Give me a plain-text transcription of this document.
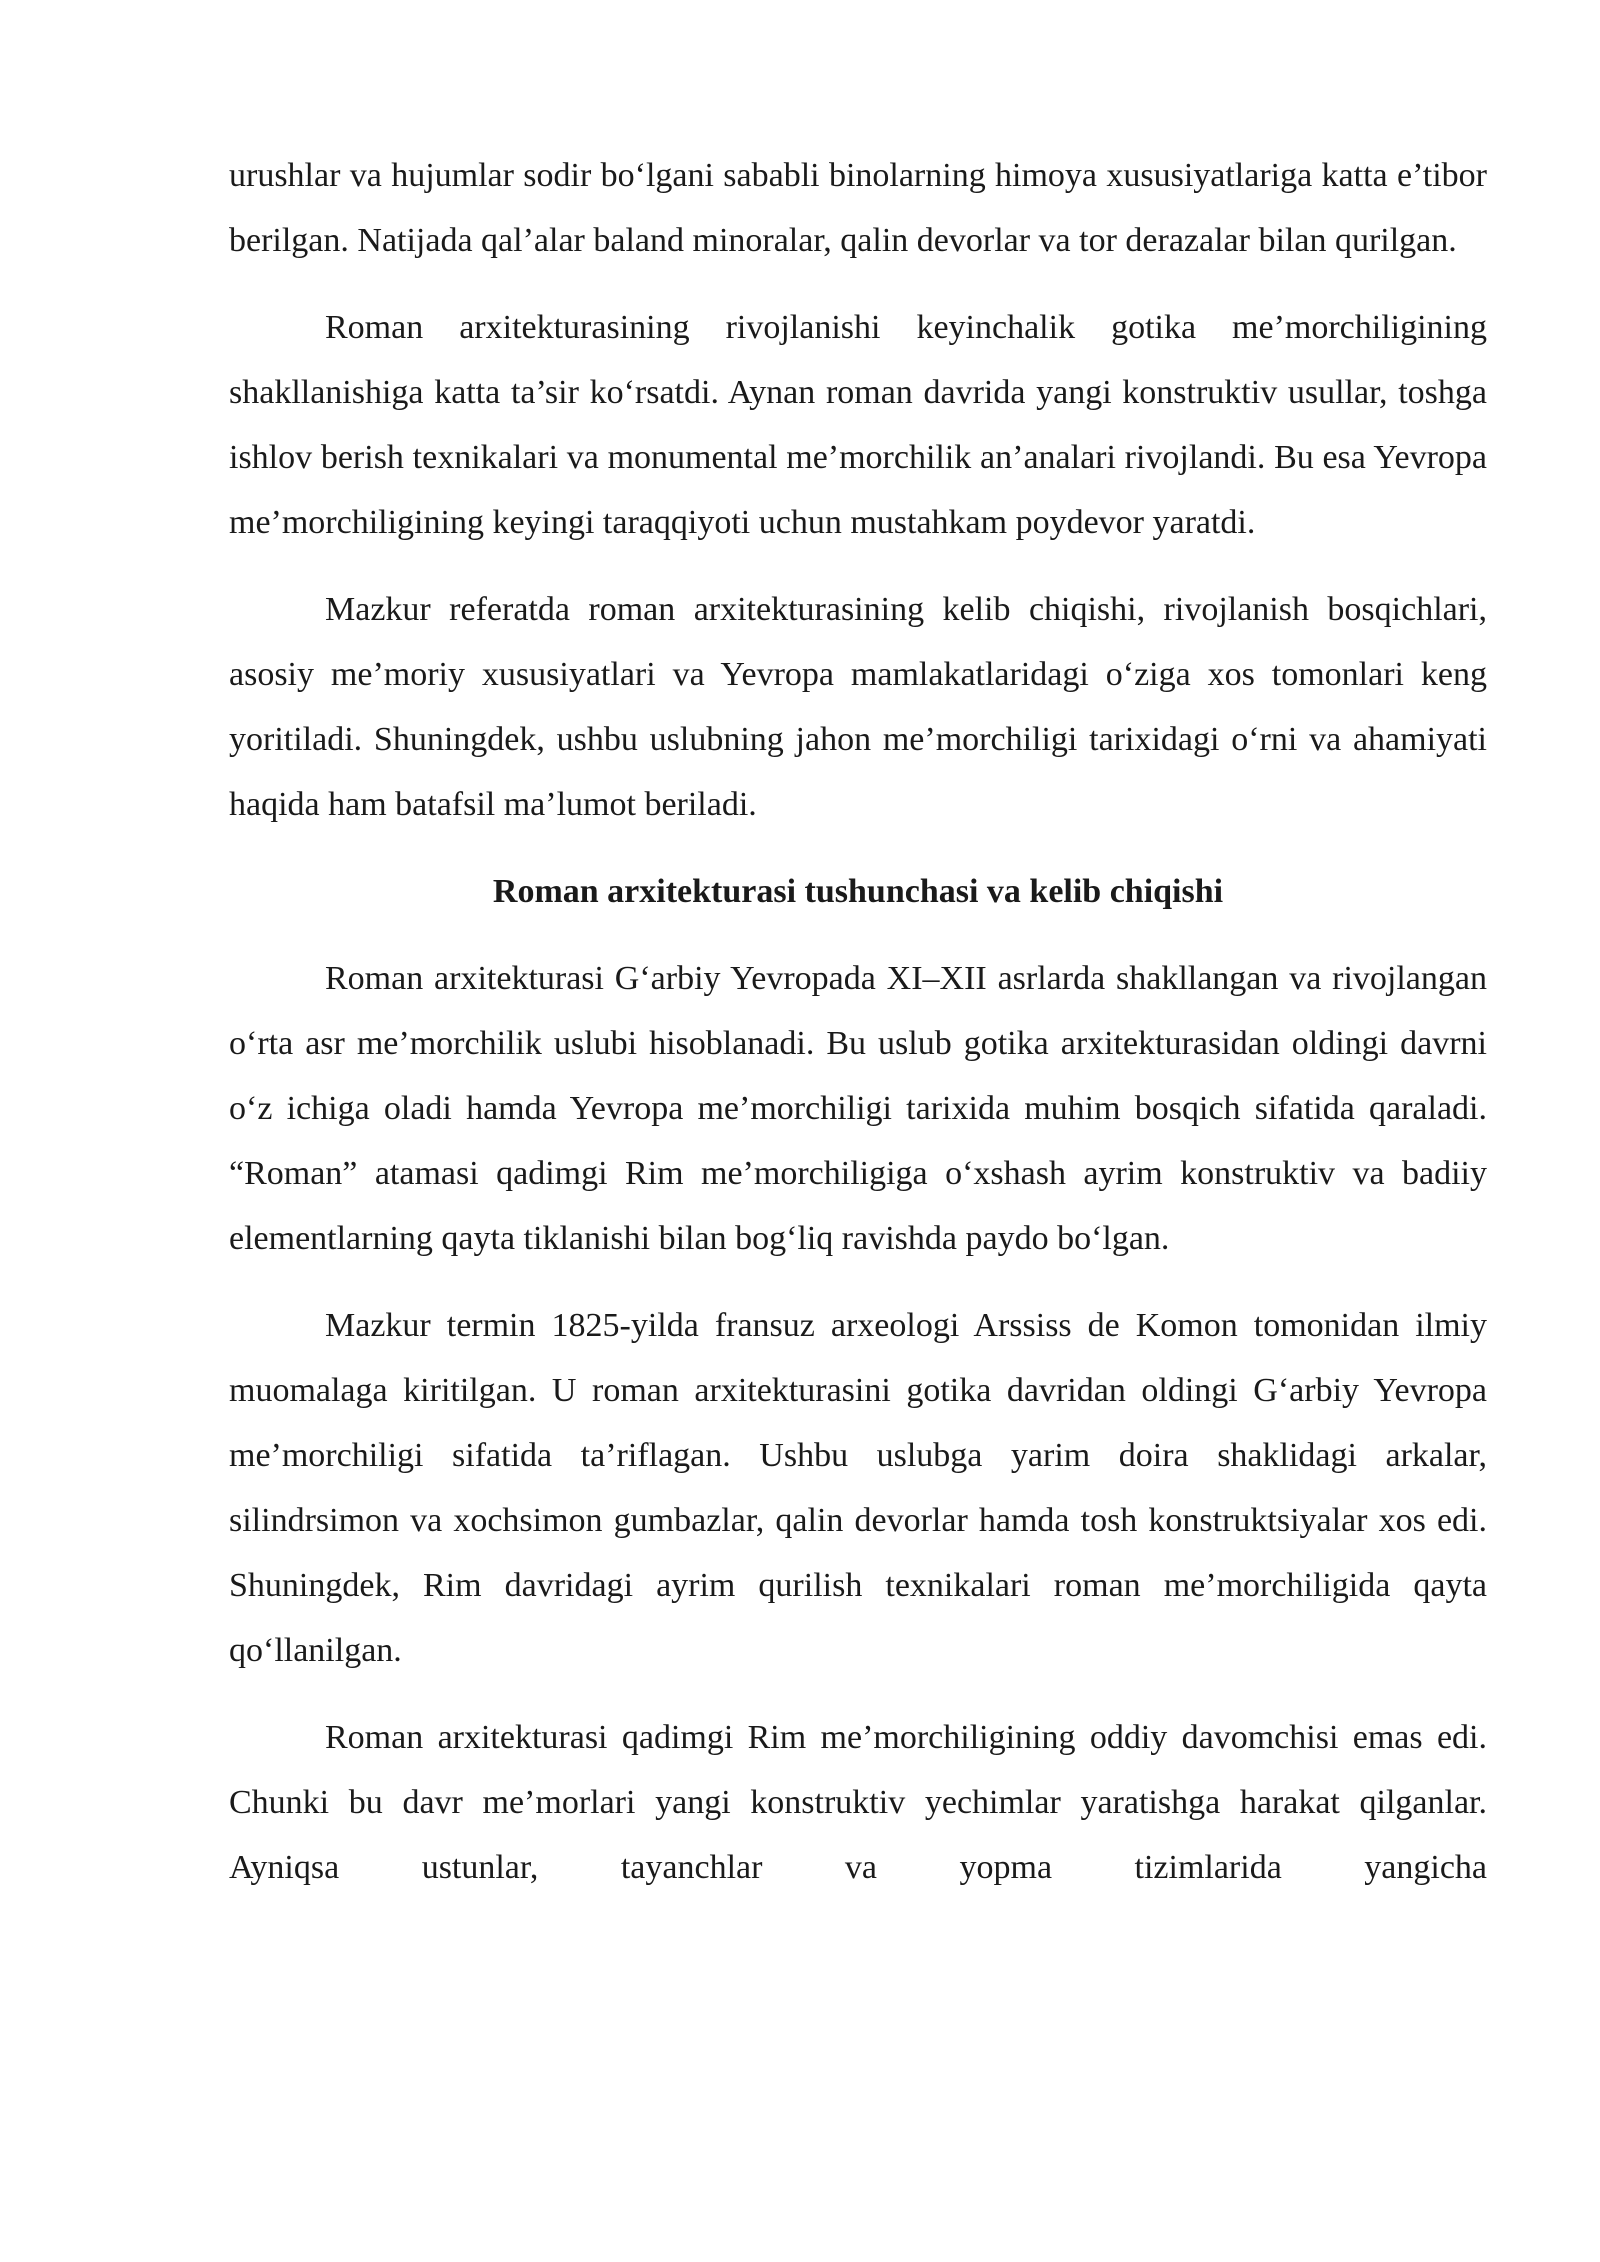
urushlar va hujumlar sodir bo‘lgani sababli binolarning himoya xususiyatlariga katta e’tibor berilgan. Natijada qal’alar baland minoralar, qalin devorlar va tor derazalar bilan qurilgan.

Roman arxitekturasining rivojlanishi keyinchalik gotika me’morchiligining shakllanishiga katta ta’sir ko‘rsatdi. Aynan roman davrida yangi konstruktiv usullar, toshga ishlov berish texnikalari va monumental me’morchilik an’analari rivojlandi. Bu esa Yevropa me’morchiligining keyingi taraqqiyoti uchun mustahkam poydevor yaratdi.

Mazkur referatda roman arxitekturasining kelib chiqishi, rivojlanish bosqichlari, asosiy me’moriy xususiyatlari va Yevropa mamlakatlaridagi o‘ziga xos tomonlari keng yoritiladi. Shuningdek, ushbu uslubning jahon me’morchiligi tarixidagi o‘rni va ahamiyati haqida ham batafsil ma’lumot beriladi.

Roman arxitekturasi tushunchasi va kelib chiqishi

Roman arxitekturasi G‘arbiy Yevropada XI–XII asrlarda shakllangan va rivojlangan o‘rta asr me’morchilik uslubi hisoblanadi. Bu uslub gotika arxitekturasidan oldingi davrni o‘z ichiga oladi hamda Yevropa me’morchiligi tarixida muhim bosqich sifatida qaraladi. “Roman” atamasi qadimgi Rim me’morchiligiga o‘xshash ayrim konstruktiv va badiiy elementlarning qayta tiklanishi bilan bog‘liq ravishda paydo bo‘lgan.

Mazkur termin 1825-yilda fransuz arxeologi Arssiss de Komon tomonidan ilmiy muomalaga kiritilgan. U roman arxitekturasini gotika davridan oldingi G‘arbiy Yevropa me’morchiligi sifatida ta’riflagan. Ushbu uslubga yarim doira shaklidagi arkalar, silindrsimon va xochsimon gumbazlar, qalin devorlar hamda tosh konstruktsiyalar xos edi. Shuningdek, Rim davridagi ayrim qurilish texnikalari roman me’morchiligida qayta qo‘llanilgan.

Roman arxitekturasi qadimgi Rim me’morchiligining oddiy davomchisi emas edi. Chunki bu davr me’morlari yangi konstruktiv yechimlar yaratishga harakat qilganlar. Ayniqsa ustunlar, tayanchlar va yopma tizimlarida yangicha
